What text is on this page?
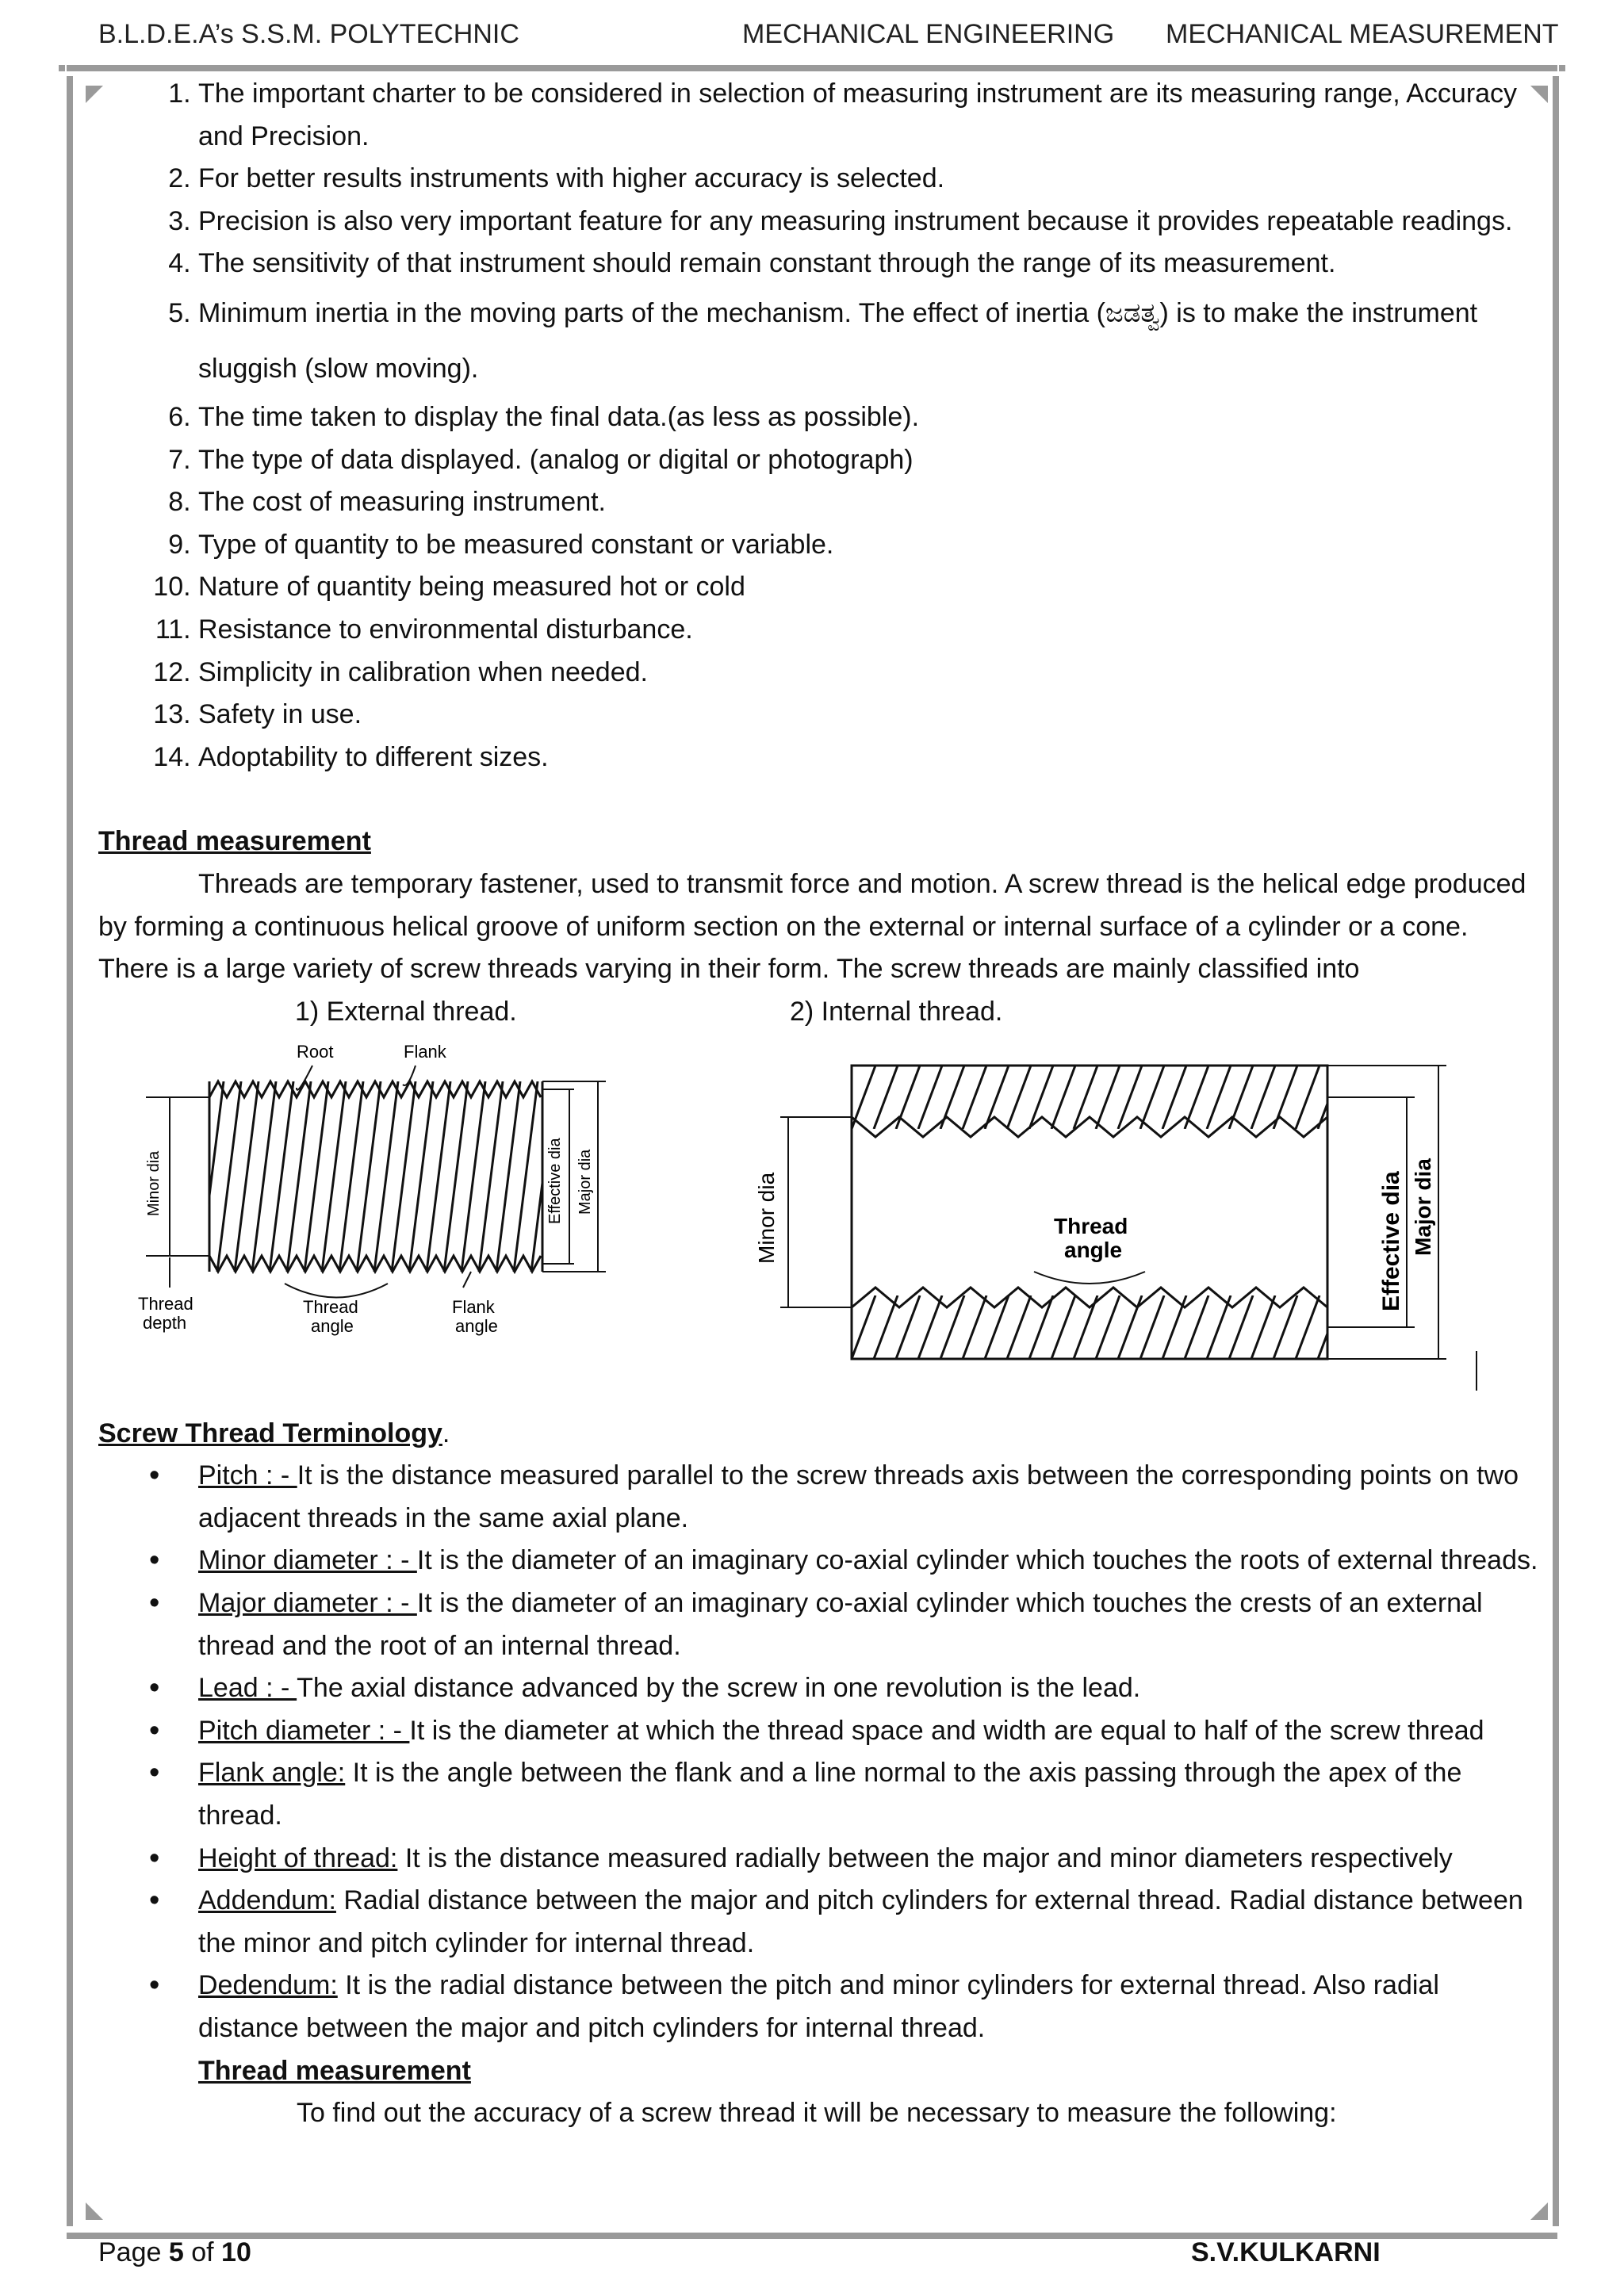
B.L.D.E.A’s S.S.M. POLYTECHNIC	MECHANICAL ENGINEERING MECHANICAL MEASUREMENT
1. The important charter to be considered in selection of measuring instrument are its measuring range, Accuracy and Precision.
2. For better results instruments with higher accuracy is selected.
3. Precision is also very important feature for any measuring instrument because it provides repeatable readings.
4. The sensitivity of that instrument should remain constant through the range of its measurement.
5. Minimum inertia in the moving parts of the mechanism. The effect of inertia (ಜಡತ್ವ) is to make the instrument sluggish (slow moving).
6. The time taken to display the final data.(as less as possible).
7. The type of data displayed. (analog or digital or photograph)
8. The cost of measuring instrument.
9. Type of quantity to be measured constant or variable.
10. Nature of quantity being measured hot or cold
11. Resistance to environmental disturbance.
12. Simplicity in calibration when needed.
13. Safety in use.
14. Adoptability to different sizes.
Thread measurement
Threads are temporary fastener, used to transmit force and motion. A screw thread is the helical edge produced by forming a continuous helical groove of uniform section on the external or internal surface of a cylinder or a cone.
There is a large variety of screw threads varying in their form. The screw threads are mainly classified into
1) External thread.	2) Internal thread.
Root	Flank
Minor dia	Effective dia Major dia
Thread
depth
Thread
angle
Flank
angle
Minor dia	Thread
angle	Effective dia Major dia
Screw Thread Terminology.
• Pitch : - It is the distance measured parallel to the screw threads axis between the corresponding points on two adjacent threads in the same axial plane.
• Minor diameter : - It is the diameter of an imaginary co-axial cylinder which touches the roots of external threads.
• Major diameter : - It is the diameter of an imaginary co-axial cylinder which touches the crests of an external thread and the root of an internal thread.
• Lead : - The axial distance advanced by the screw in one revolution is the lead.
• Pitch diameter : - It is the diameter at which the thread space and width are equal to half of the screw thread
• Flank angle: It is the angle between the flank and a line normal to the axis passing through the apex of the thread.
• Height of thread: It is the distance measured radially between the major and minor diameters respectively
• Addendum: Radial distance between the major and pitch cylinders for external thread. Radial distance between the minor and pitch cylinder for internal thread.
• Dedendum: It is the radial distance between the pitch and minor cylinders for external thread. Also radial distance between the major and pitch cylinders for internal thread.
Thread measurement
To find out the accuracy of a screw thread it will be necessary to measure the following:
Page 5 of 10	S.V.KULKARNI
